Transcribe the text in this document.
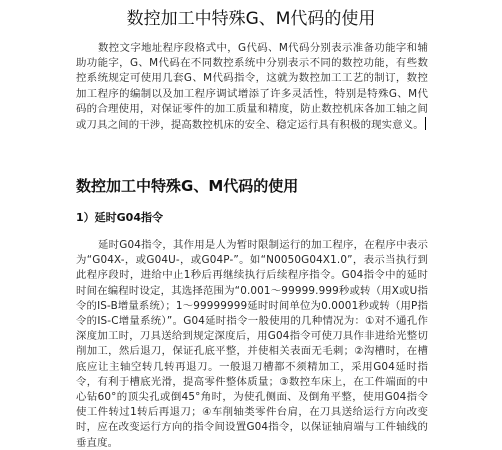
数控加工中特殊G、M代码的使用

数控文字地址程序段格式中，G代码、M代码分别表示准备功能字和辅助功能字，G、M代码在不同数控系统中分别表示不同的数控功能，有些数控系统规定可使用几套G、M代码指令，这就为数控加工工艺的制订，数控加工程序的编制以及加工程序调试增添了许多灵活性，特别是特殊G、M代码的合理使用，对保证零件的加工质量和精度，防止数控机床各加工轴之间或刀具之间的干涉，提高数控机床的安全、稳定运行具有积极的现实意义。

数控加工中特殊G、M代码的使用
1）延时G04指令

延时G04指令，其作用是人为暂时限制运行的加工程序，在程序中表示为“G04X-，或G04U-，或G04P-”。如“N0050G04X1.0”，表示当执行到此程序段时，进给中止1秒后再继续执行后续程序指令。G04指令中的延时时间在编程时设定，其选择范围为“0.001～99999.999秒或转（用X或U指令的IS-B增量系统）；1～99999999延时时间单位为0.0001秒或转（用P指令的IS-C增量系统）”。G04延时指令一般使用的几种情况为：①对不通孔作深度加工时，刀具送给到规定深度后，用G04指令可使刀具作非进给光整切削加工，然后退刀，保证孔底平整，并使相关表面无毛刺；②沟槽时，在槽底应让主轴空转几转再退刀。一般退刀槽都不须精加工，采用G04延时指令，有利于槽底光滑，提高零件整体质量；③数控车床上，在工件端面的中心钻60°的顶尖孔或倒45°角时，为使孔侧面、及倒角平整，使用G04指令使工件转过1转后再退刀；④车削轴类零件台肩，在刀具送给运行方向改变时，应在改变运行方向的指令间设置G04指令，以保证轴肩端与工件轴线的垂直度。
